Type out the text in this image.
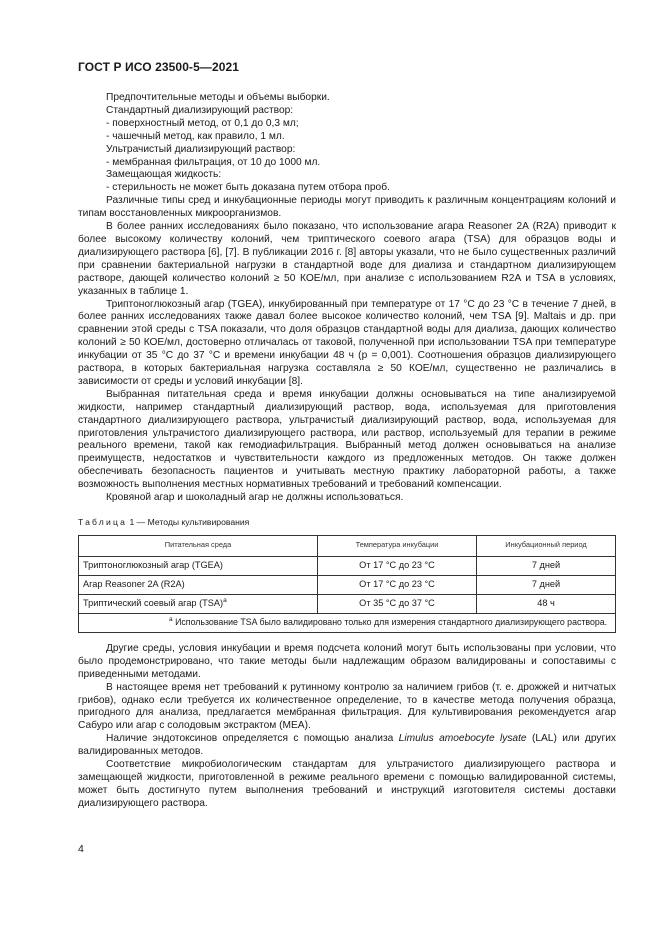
ГОСТ Р ИСО 23500-5—2021

Предпочтительные методы и объемы выборки.

Стандартный диализирующий раствор:

- поверхностный метод, от 0,1 до 0,3 мл;

- чашечный метод, как правило, 1 мл.

Ультрачистый диализирующий раствор:

- мембранная фильтрация, от 10 до 1000 мл.

Замещающая жидкость:

- стерильность не может быть доказана путем отбора проб.

Различные типы сред и инкубационные периоды могут приводить к различным концентрациям колоний и типам восстановленных микроорганизмов.

В более ранних исследованиях было показано, что использование агара Reasoner 2A (R2A) приводит к более высокому количеству колоний, чем триптического соевого агара (TSA) для образцов воды и диализирующего раствора [6], [7]. В публикации 2016 г. [8] авторы указали, что не было существенных различий при сравнении бактериальной нагрузки в стандартной воде для диализа и стандартном диализирующем растворе, дающей количество колоний ≥ 50 КОЕ/мл, при анализе с использованием R2A и TSA в условиях, указанных в таблице 1.

Триптоноглюкозный агар (TGEA), инкубированный при температуре от 17 °С до 23 °С в течение 7 дней, в более ранних исследованиях также давал более высокое количество колоний, чем TSA [9]. Maltais и др. при сравнении этой среды с TSA показали, что доля образцов стандартной воды для диализа, дающих количество колоний ≥ 50 КОЕ/мл, достоверно отличалась от таковой, полученной при использовании TSA при температуре инкубации от 35 °С до 37 °С и времени инкубации 48 ч (р = 0,001). Соотношения образцов диализирующего раствора, в которых бактериальная нагрузка составляла ≥ 50 КОЕ/мл, существенно не различались в зависимости от среды и условий инкубации [8].

Выбранная питательная среда и время инкубации должны основываться на типе анализируемой жидкости, например стандартный диализирующий раствор, вода, используемая для приготовления стандартного диализирующего раствора, ультрачистый диализирующий раствор, вода, используемая для приготовления ультрачистого диализирующего раствора, или раствор, используемый для терапии в режиме реального времени, такой как гемодиафильтрация. Выбранный метод должен основываться на анализе преимуществ, недостатков и чувствительности каждого из предложенных методов. Он также должен обеспечивать безопасность пациентов и учитывать местную практику лабораторной работы, а также возможность выполнения местных нормативных требований и требований компенсации.

Кровяной агар и шоколадный агар не должны использоваться.

Таблица 1 — Методы культивирования
Питательная среда	Температура инкубации	Инкубационный период
Триптоноглюкозный агар (TGEA)	От 17 °С до 23 °С	7 дней
Агар Reasoner 2A (R2A)	От 17 °С до 23 °С	7 дней
Триптический соевый агар (TSA)$^а$	От 35 °С до 37 °С	48 ч
$^а$ Использование TSA было валидировано только для измерения стандартного диализирующего раствора.		

Другие среды, условия инкубации и время подсчета колоний могут быть использованы при условии, что было продемонстрировано, что такие методы были надлежащим образом валидированы и сопоставимы с приведенными методами.

В настоящее время нет требований к рутинному контролю за наличием грибов (т. е. дрожжей и нитчатых грибов), однако если требуется их количественное определение, то в качестве метода получения образца, пригодного для анализа, предлагается мембранная фильтрация. Для культивирования рекомендуется агар Сабуро или агар с солодовым экстрактом (МЕА).

Наличие эндотоксинов определяется с помощью анализа Limulus amoebocyte lysate (LAL) или других валидированных методов.

Соответствие микробиологическим стандартам для ультрачистого диализирующего раствора и замещающей жидкости, приготовленной в режиме реального времени с помощью валидированной системы, может быть достигнуто путем выполнения требований и инструкций изготовителя системы доставки диализирующего раствора.

4
